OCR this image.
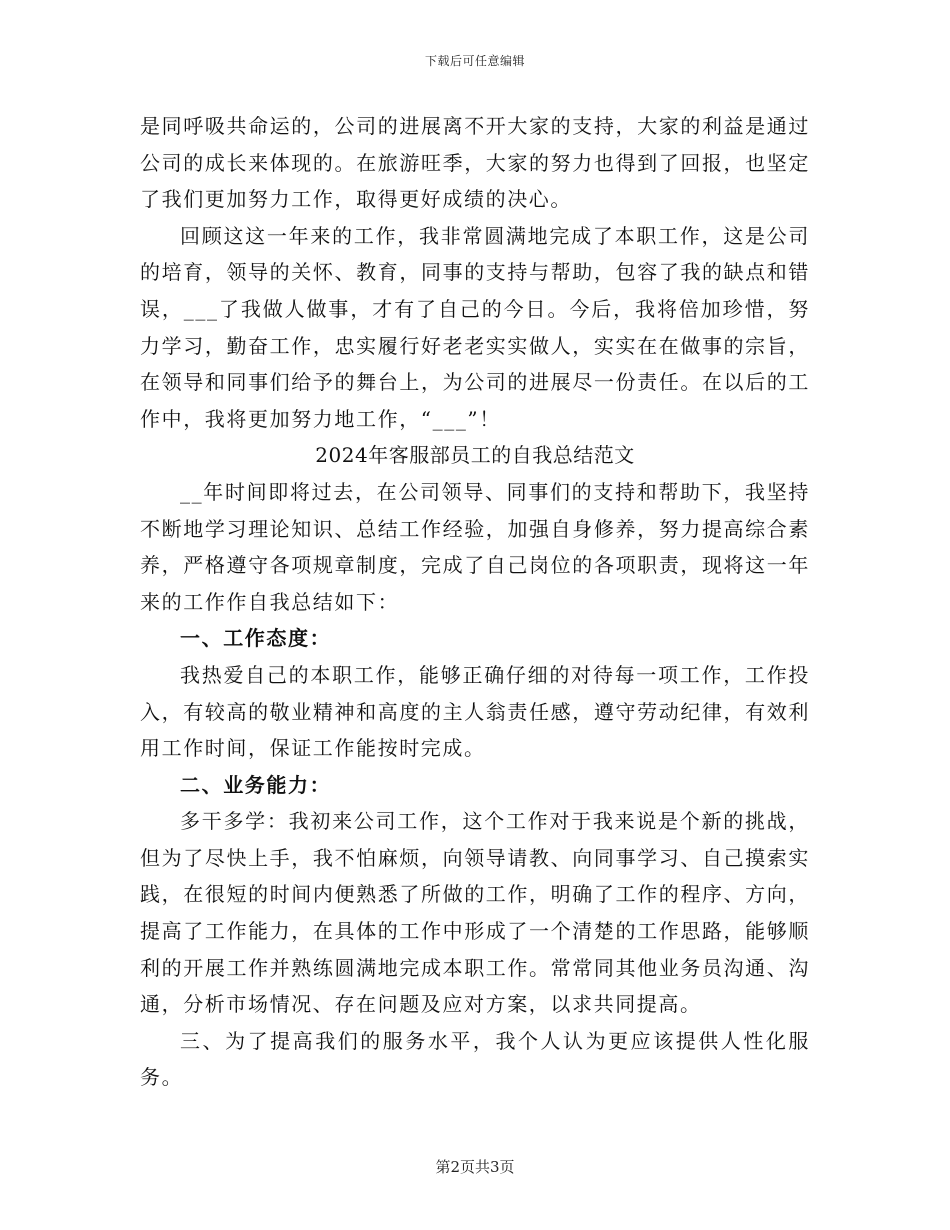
下载后可任意编辑

是同呼吸共命运的，公司的进展离不开大家的支持，大家的利益是通过公司的成长来体现的。在旅游旺季，大家的努力也得到了回报，也坚定了我们更加努力工作，取得更好成绩的决心。

回顾这这一年来的工作，我非常圆满地完成了本职工作，这是公司的培育，领导的关怀、教育，同事的支持与帮助，包容了我的缺点和错误，___了我做人做事，才有了自己的今日。今后，我将倍加珍惜，努力学习，勤奋工作，忠实履行好老老实实做人，实实在在做事的宗旨，在领导和同事们给予的舞台上，为公司的进展尽一份责任。在以后的工作中，我将更加努力地工作，“___”！

2024年客服部员工的自我总结范文

__年时间即将过去，在公司领导、同事们的支持和帮助下，我坚持不断地学习理论知识、总结工作经验，加强自身修养，努力提高综合素养，严格遵守各项规章制度，完成了自己岗位的各项职责，现将这一年来的工作作自我总结如下：

一、工作态度：

我热爱自己的本职工作，能够正确仔细的对待每一项工作，工作投入，有较高的敬业精神和高度的主人翁责任感，遵守劳动纪律，有效利用工作时间，保证工作能按时完成。

二、业务能力：

多干多学：我初来公司工作，这个工作对于我来说是个新的挑战，但为了尽快上手，我不怕麻烦，向领导请教、向同事学习、自己摸索实践，在很短的时间内便熟悉了所做的工作，明确了工作的程序、方向，提高了工作能力，在具体的工作中形成了一个清楚的工作思路，能够顺利的开展工作并熟练圆满地完成本职工作。常常同其他业务员沟通、沟通，分析市场情况、存在问题及应对方案，以求共同提高。

三、为了提高我们的服务水平，我个人认为更应该提供人性化服务。

第2页共3页
